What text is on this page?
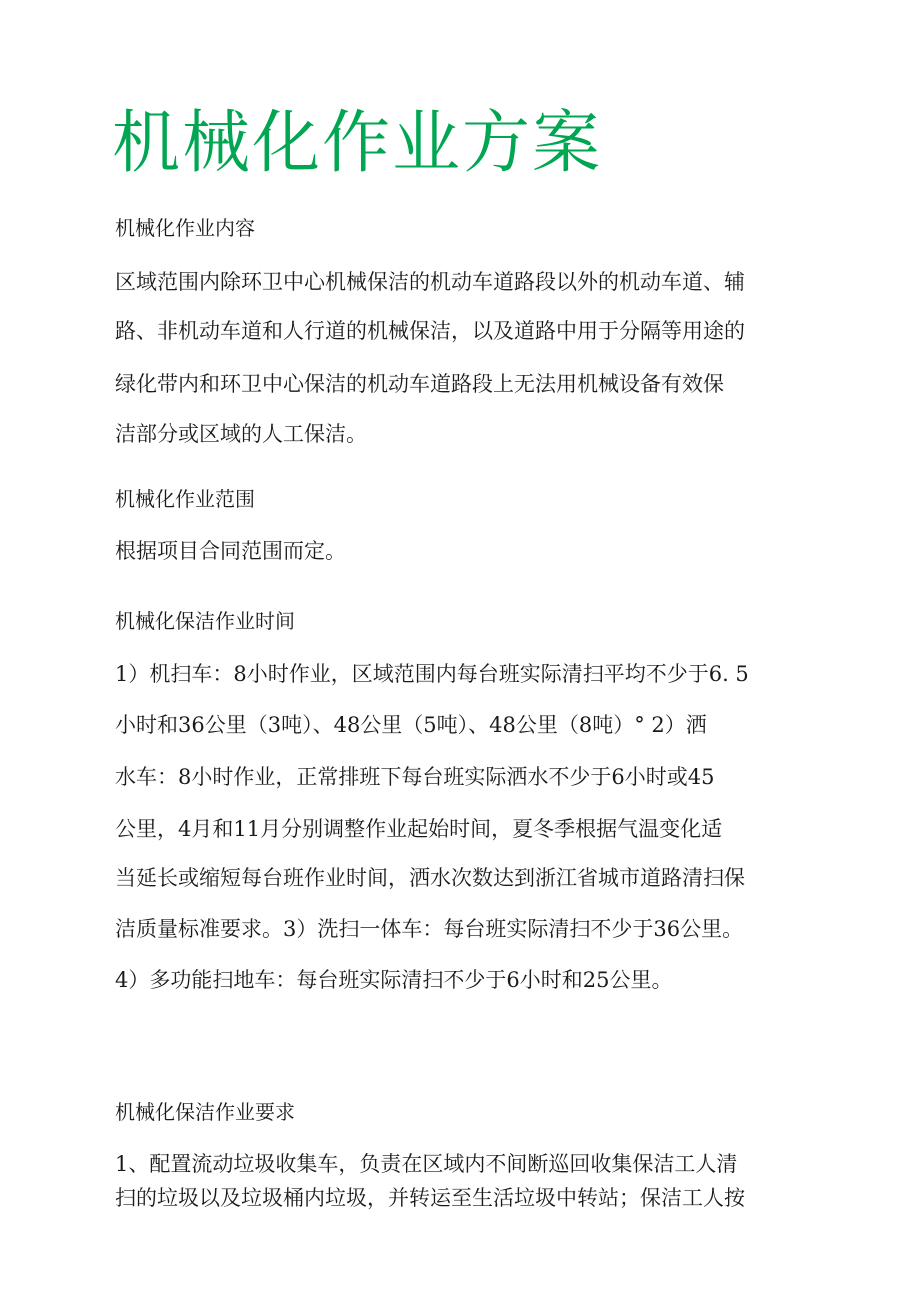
机械化作业方案

机械化作业内容

区域范围内除环卫中心机械保洁的机动车道路段以外的机动车道、辅

路、非机动车道和人行道的机械保洁，以及道路中用于分隔等用途的

绿化带内和环卫中心保洁的机动车道路段上无法用机械设备有效保

洁部分或区域的人工保洁。

机械化作业范围

根据项目合同范围而定。

机械化保洁作业时间

1）机扫车：8小时作业，区域范围内每台班实际清扫平均不少于6. 5

小时和36公里（3吨）、48公里（5吨）、48公里（8吨）° 2）洒

水车：8小时作业，正常排班下每台班实际洒水不少于6小时或45

公里，4月和11月分别调整作业起始时间，夏冬季根据气温变化适

当延长或缩短每台班作业时间，洒水次数达到浙江省城市道路清扫保

洁质量标准要求。3）洗扫一体车：每台班实际清扫不少于36公里。

4）多功能扫地车：每台班实际清扫不少于6小时和25公里。

机械化保洁作业要求

1、配置流动垃圾收集车，负责在区域内不间断巡回收集保洁工人清

扫的垃圾以及垃圾桶内垃圾，并转运至生活垃圾中转站；保洁工人按
